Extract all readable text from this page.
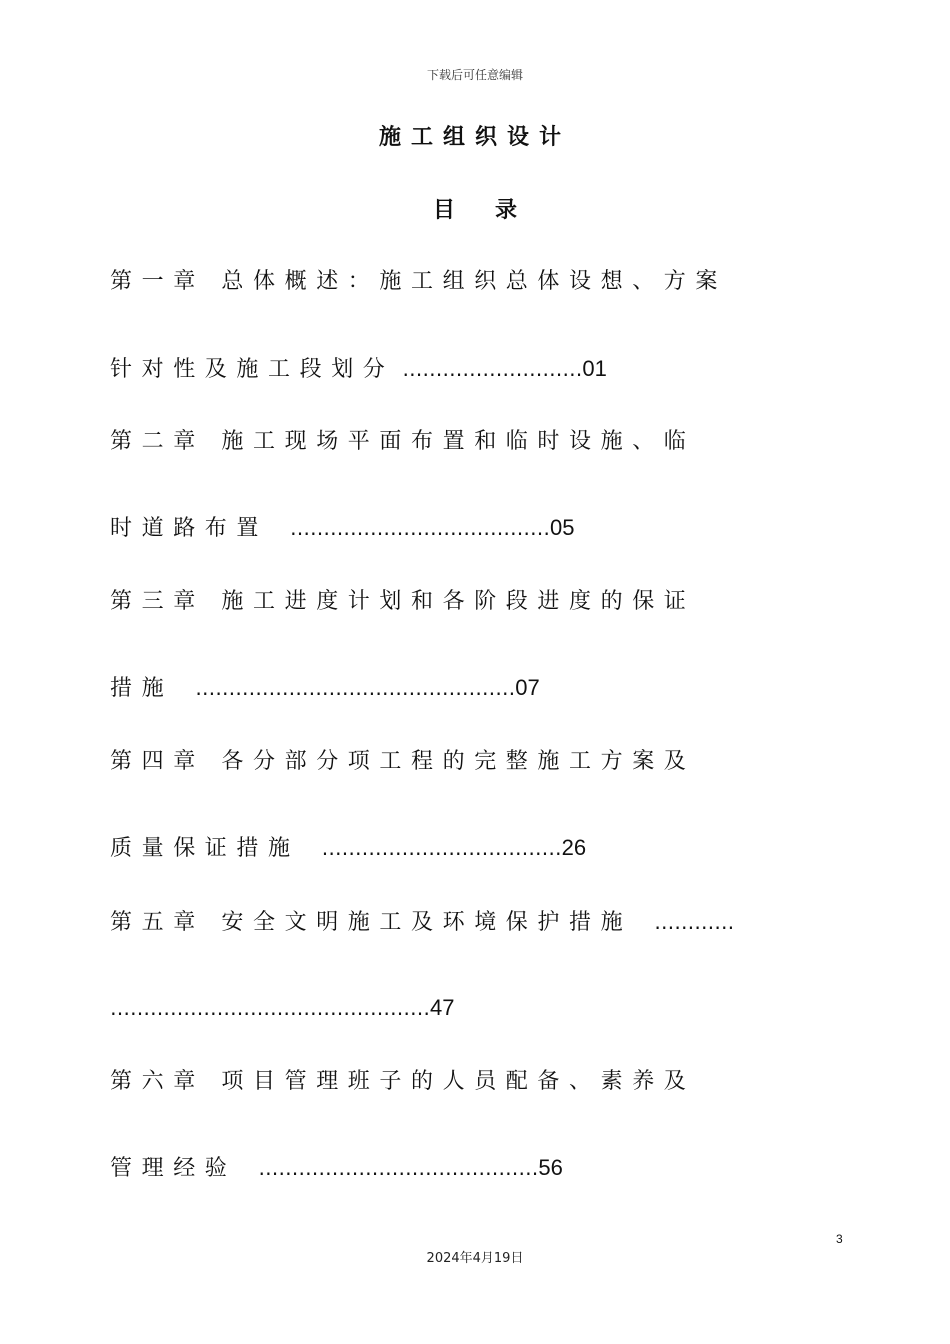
下载后可任意编辑
施工组织设计
目录
第一章 总体概述：施工组织总体设想、方案
针对性及施工段划分 ………………………01
第二章 施工现场平面布置和临时设施、临
时道路布置 …………………………………05
第三章 施工进度计划和各阶段进度的保证
措施 …………………………………………07
第四章 各分部分项工程的完整施工方案及
质量保证措施 ………………………………26
第五章 安全文明施工及环境保护措施 …………
…………………………………………47
第六章 项目管理班子的人员配备、素养及
管理经验 ……………………………………56
3
2024年4月19日
